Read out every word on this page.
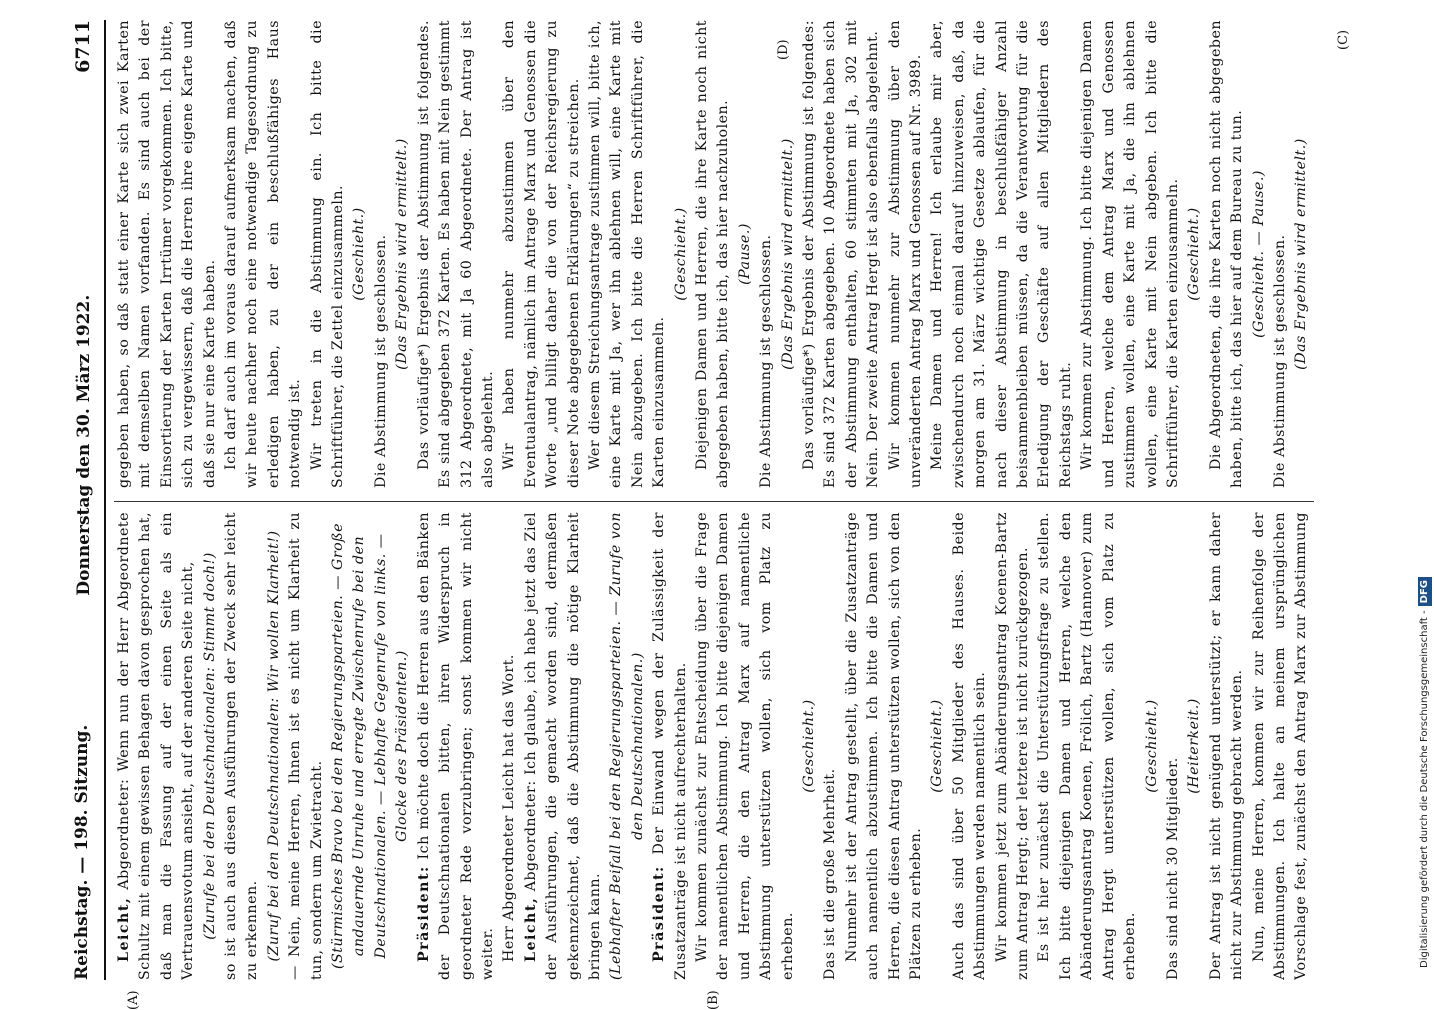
Reichstag. — 198. Sitzung.
Donnerstag den 30. März 1922.  6711
(A)	(B)
(C)
(D)

Leicht, Abgeordneter: Wenn nun der Herr Abgeordnete Schultz mit einem gewissen Behagen davon gesprochen hat, daß man die Fassung auf der einen Seite als ein Vertrauensvotum ansieht, auf der anderen Seite nicht, (Zurufe bei den Deutschnationalen: Stimmt doch!) so ist auch aus diesen Ausführungen der Zweck sehr leicht zu erkennen. (Zuruf bei den Deutschnationalen: Wir wollen Klarheit!) — Nein, meine Herren, Ihnen ist es nicht um Klarheit zu tun, sondern um Zwietracht. (Stürmisches Bravo bei den Regierungsparteien. — Große andauernde Unruhe und erregte Zwischenrufe bei den Deutschnationalen. — Lebhafte Gegenrufe von links. — Glocke des Präsidenten.)

Präsident: Ich möchte doch die Herren aus den Bänken der Deutschnationalen bitten, ihren Widerspruch in geordneter Rede vorzubringen; sonst kommen wir nicht weiter. Herr Abgeordneter Leicht hat das Wort. Leicht, Abgeordneter: Ich glaube, ich habe jetzt das Ziel der Ausführungen, die gemacht worden sind, dermaßen gekennzeichnet, daß die Abstimmung die nötige Klarheit bringen kann. (Lebhafter Beifall bei den Regierungsparteien. — Zurufe von den Deutschnationalen.)

Präsident: Der Einwand wegen der Zulässigkeit der Zusatzanträge ist nicht aufrechterhalten. Wir kommen zunächst zur Entscheidung über die Frage der namentlichen Abstimmung. Ich bitte diejenigen Damen und Herren, die den Antrag Marx auf namentliche Abstimmung unterstützen wollen, sich vom Platz zu erheben.

(Geschieht.)

Das ist die große Mehrheit. Nunmehr ist der Antrag gestellt, über die Zusatzanträge auch namentlich abzustimmen. Ich bitte die Damen und Herren, die diesen Antrag unterstützen wollen, sich von den Plätzen zu erheben.

(Geschieht.) Auch das sind über 50 Mitglieder des Hauses. Beide Abstimmungen werden namentlich sein. Wir kommen jetzt zum Abänderungsantrag Koenen-Bartz zum Antrag Hergt; der letztere ist nicht zurückgezogen. Es ist hier zunächst die Unterstützungsfrage zu stellen. Ich bitte diejenigen Damen und Herren, welche den Abänderungsantrag Koenen, Frölich, Bartz (Hannover) zum Antrag Hergt unterstützen wollen, sich vom Platz zu erheben.

(Geschieht.)

Das sind nicht 30 Mitglieder.

(Heiterkeit.) Der Antrag ist nicht genügend unterstützt; er kann daher nicht zur Abstimmung gebracht werden. Nun, meine Herren, kommen wir zur Reihenfolge der Abstimmungen. Ich halte an meinem ursprünglichen Vorschlage fest, zunächst den Antrag Marx zur Abstimmung

gegeben haben, so daß statt einer Karte sich zwei Karten mit demselben Namen vorfanden. Es sind auch bei der Einsortierung der Karten Irrtümer vorgekommen. Ich bitte, sich zu vergewissern, daß die Herren ihre eigene Karte und daß sie nur eine Karte haben. Ich darf auch im voraus darauf aufmerksam machen, daß wir heute nachher noch eine notwendige Tagesordnung zu erledigen haben, zu der ein beschlußfähiges Haus notwendig ist. Wir treten in die Abstimmung ein. Ich bitte die Schriftführer, die Zettel einzusammeln. (Geschieht.) Die Abstimmung ist geschlossen. (Das Ergebnis wird ermittelt.) Das vorläufige*) Ergebnis der Abstimmung ist folgendes. Es sind abgegeben 372 Karten. Es haben mit Nein gestimmt 312 Abgeordnete, mit Ja 60 Abgeordnete. Der Antrag ist also abgelehnt. Wir haben nunmehr abzustimmen über den Eventualantrag, nämlich im Antrage Marx und Genossen die Worte „und billigt daher die von der Reichsregierung zu dieser Note abgegebenen Erklärungen“ zu streichen. Wer diesem Streichungsantrage zustimmen will, bitte ich, eine Karte mit Ja, wer ihn ablehnen will, eine Karte mit Nein abzugeben. Ich bitte die Herren Schriftführer, die Karten einzusammeln.

(Geschieht.) Diejenigen Damen und Herren, die ihre Karte noch nicht abgegeben haben, bitte ich, das hier nachzuholen. (Pause.) Die Abstimmung ist geschlossen. (Das Ergebnis wird ermittelt.) Das vorläufige*) Ergebnis der Abstimmung ist folgendes: Es sind 372 Karten abgegeben. 10 Abgeordnete haben sich der Abstimmung enthalten, 60 stimmten mit Ja, 302 mit Nein. Der zweite Antrag Hergt ist also ebenfalls abgelehnt. Wir kommen nunmehr zur Abstimmung über den unveränderten Antrag Marx und Genossen auf Nr. 3989. Meine Damen und Herren! Ich erlaube mir aber, zwischendurch noch einmal darauf hinzuweisen, daß, da morgen am 31. März wichtige Gesetze ablaufen, für die nach dieser Abstimmung in beschlußfähiger Anzahl beisammenbleiben müssen, da die Verantwortung für die Erledigung der Geschäfte auf allen Mitgliedern des Reichstags ruht. Wir kommen zur Abstimmung. Ich bitte diejenigen Damen und Herren, welche dem Antrag Marx und Genossen zustimmen wollen, eine Karte mit Ja, die ihn ablehnen wollen, eine Karte mit Nein abgeben. Ich bitte die Schriftführer, die Karten einzusammeln. (Geschieht.) Die Abgeordneten, die ihre Karten noch nicht abgegeben haben, bitte ich, das hier auf dem Bureau zu tun. (Geschieht. — Pause.) Die Abstimmung ist geschlossen. (Das Ergebnis wird ermittelt.)

Digitalisierung gefördert durch die Deutsche Forschungsgemeinschaft -DFG
